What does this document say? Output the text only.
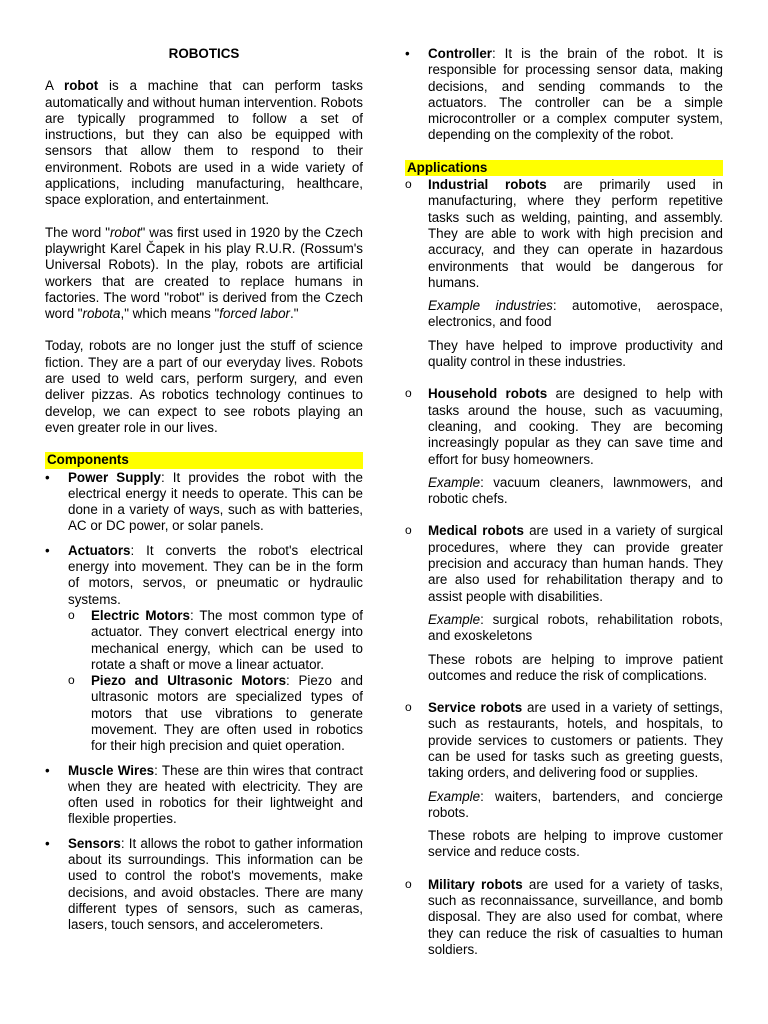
ROBOTICS

A robot is a machine that can perform tasks automatically and without human intervention. Robots are typically programmed to follow a set of instructions, but they can also be equipped with sensors that allow them to respond to their environment. Robots are used in a wide variety of applications, including manufacturing, healthcare, space exploration, and entertainment.

The word "robot" was first used in 1920 by the Czech playwright Karel Čapek in his play R.U.R. (Rossum's Universal Robots). In the play, robots are artificial workers that are created to replace humans in factories. The word "robot" is derived from the Czech word "robota," which means "forced labor."

Today, robots are no longer just the stuff of science fiction. They are a part of our everyday lives. Robots are used to weld cars, perform surgery, and even deliver pizzas. As robotics technology continues to develop, we can expect to see robots playing an even greater role in our lives.

Components
•	Power Supply: It provides the robot with the electrical energy it needs to operate. This can be done in a variety of ways, such as with batteries, AC or DC power, or solar panels.
•	Actuators: It converts the robot's electrical energy into movement. They can be in the form of motors, servos, or pneumatic or hydraulic systems.
o Electric Motors: The most common type of actuator. They convert electrical energy into mechanical energy, which can be used to rotate a shaft or move a linear actuator.
o Piezo and Ultrasonic Motors: Piezo and ultrasonic motors are specialized types of motors that use vibrations to generate movement. They are often used in robotics for their high precision and quiet operation.
•	Muscle Wires: These are thin wires that contract when they are heated with electricity. They are often used in robotics for their lightweight and flexible properties.
•	Sensors: It allows the robot to gather information about its surroundings. This information can be used to control the robot's movements, make decisions, and avoid obstacles. There are many different types of sensors, such as cameras, lasers, touch sensors, and accelerometers.
•	Controller: It is the brain of the robot. It is responsible for processing sensor data, making decisions, and sending commands to the actuators. The controller can be a simple microcontroller or a complex computer system, depending on the complexity of the robot.
Applications
o	Industrial robots are primarily used in manufacturing, where they perform repetitive tasks such as welding, painting, and assembly. They are able to work with high precision and accuracy, and they can operate in hazardous environments that would be dangerous for humans.

Example industries: automotive, aerospace, electronics, and food

They have helped to improve productivity and quality control in these industries.

o	Household robots are designed to help with tasks around the house, such as vacuuming, cleaning, and cooking. They are becoming increasingly popular as they can save time and effort for busy homeowners.

Example: vacuum cleaners, lawnmowers, and robotic chefs.

o	Medical robots are used in a variety of surgical procedures, where they can provide greater precision and accuracy than human hands. They are also used for rehabilitation therapy and to assist people with disabilities.

Example: surgical robots, rehabilitation robots, and exoskeletons

These robots are helping to improve patient outcomes and reduce the risk of complications.

o	Service robots are used in a variety of settings, such as restaurants, hotels, and hospitals, to provide services to customers or patients. They can be used for tasks such as greeting guests, taking orders, and delivering food or supplies.

Example: waiters, bartenders, and concierge robots.

These robots are helping to improve customer service and reduce costs.

o	Military robots are used for a variety of tasks, such as reconnaissance, surveillance, and bomb disposal. They are also used for combat, where they can reduce the risk of casualties to human soldiers.
